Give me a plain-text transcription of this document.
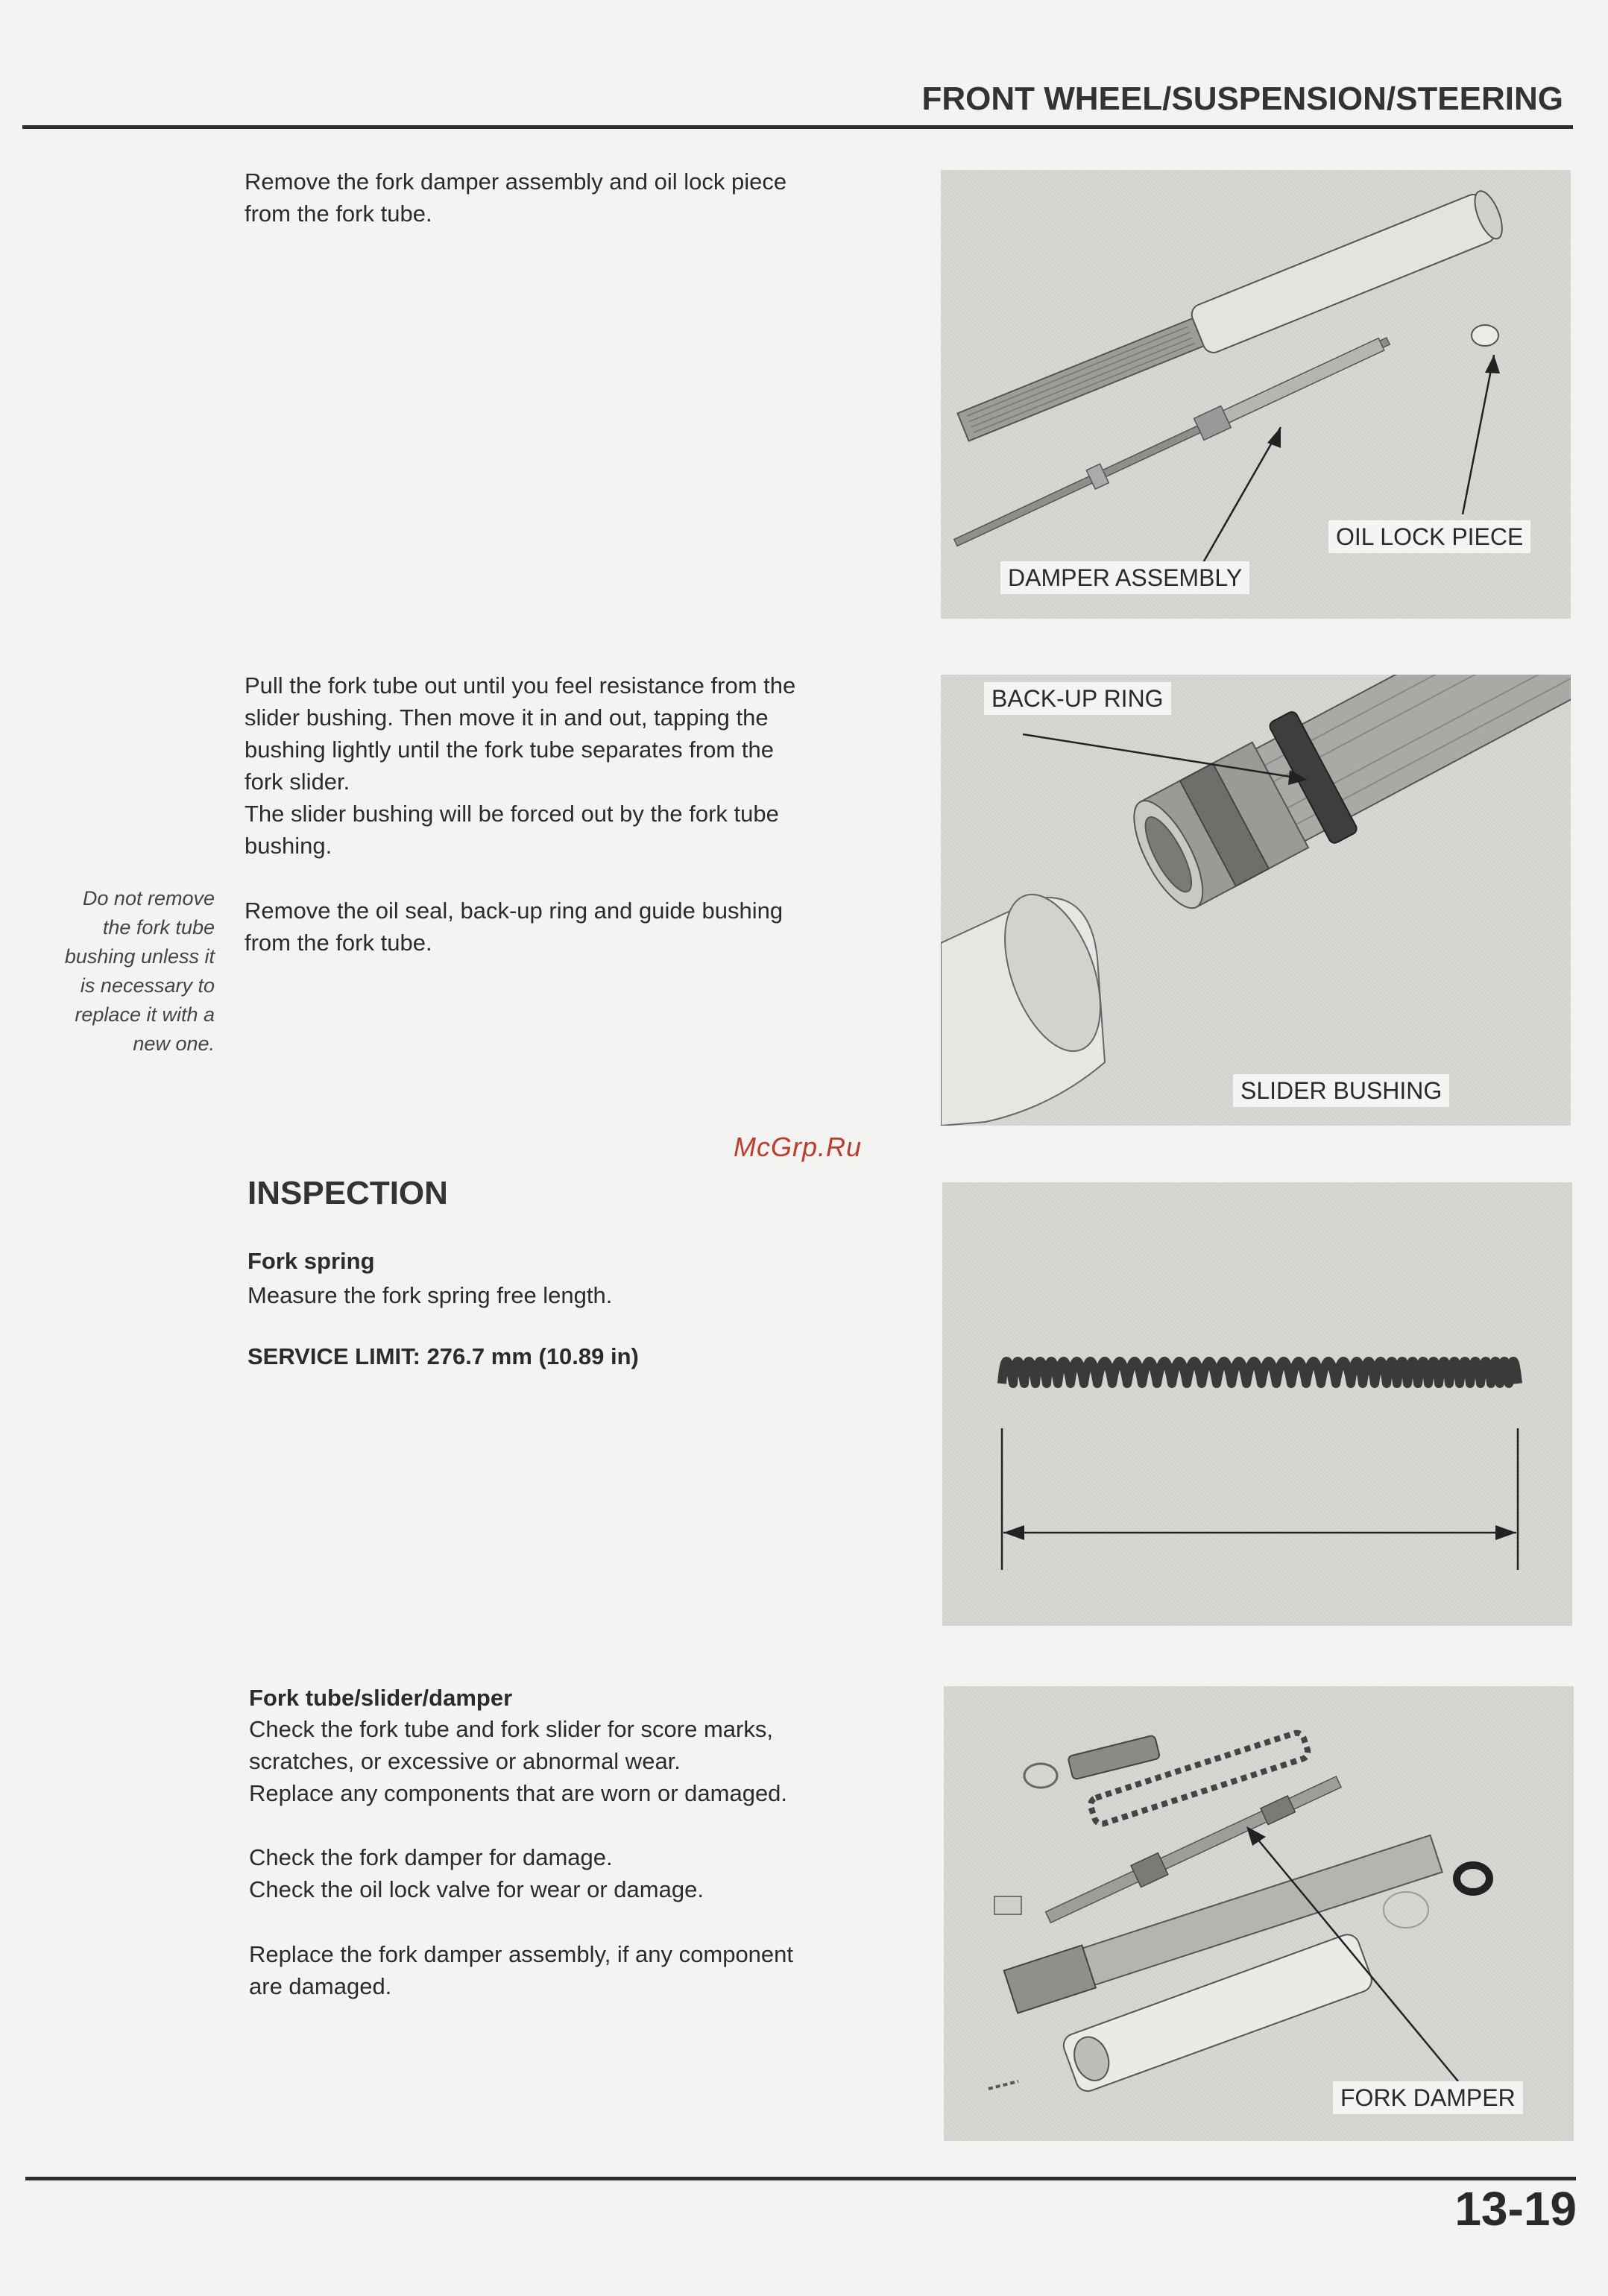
FRONT WHEEL/SUSPENSION/STEERING
Remove the fork damper assembly and oil lock piece
from the fork tube.
OIL LOCK PIECE
DAMPER ASSEMBLY
Pull the fork tube out until you feel resistance from the
slider bushing. Then move it in and out, tapping the
bushing lightly until the fork tube separates from the
fork slider.
The slider bushing will be forced out by the fork tube
bushing.
Do not remove
the fork tube
bushing unless it
is necessary to
replace it with a
new one.
Remove the oil seal, back-up ring and guide bushing
from the fork tube.
BACK-UP RING
SLIDER BUSHING
McGrp.Ru
INSPECTION
Fork spring
Measure the fork spring free length.
SERVICE LIMIT: 276.7 mm (10.89 in)
Fork tube/slider/damper
Check the fork tube and fork slider for score marks,
scratches, or excessive or abnormal wear.
Replace any components that are worn or damaged.
Check the fork damper for damage.
Check the oil lock valve for wear or damage.
Replace the fork damper assembly, if any component
are damaged.
FORK DAMPER
13-19
